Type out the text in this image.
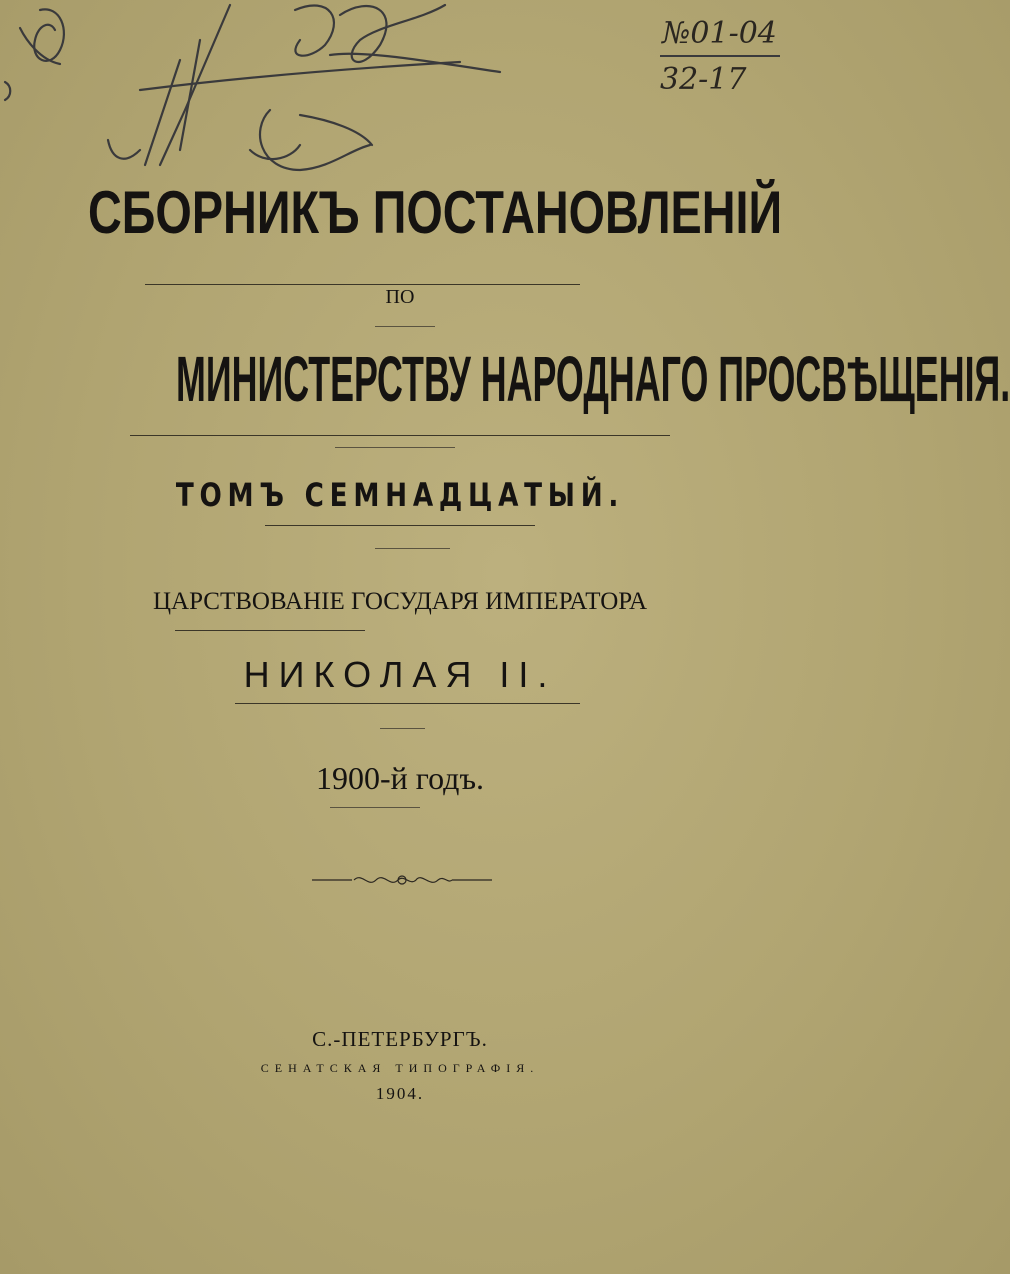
№01-04
32-17
СБОРНИКЪ ПОСТАНОВЛЕНІЙ
ПО
МИНИСТЕРСТВУ НАРОДНАГО ПРОСВѢЩЕНІЯ.
ТОМЪ СЕМНАДЦАТЫЙ.
ЦАРСТВОВАНІЕ ГОСУДАРЯ ИМПЕРАТОРА
НИКОЛАЯ II.
1900-й годъ.
С.-ПЕТЕРБУРГЪ.
СЕНАТСКАЯ ТИПОГРАФІЯ.
1904.
